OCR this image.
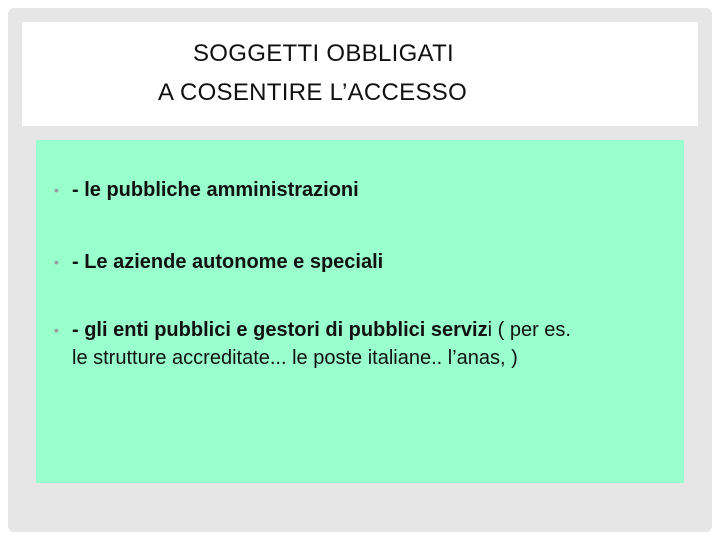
SOGGETTI OBBLIGATI
A COSENTIRE L’ACCESSO
• - le pubbliche amministrazioni
• - Le aziende autonome e speciali
• - gli enti pubblici e gestori di pubblici servizi ( per es.
le strutture accreditate... le poste italiane.. l’anas, )
